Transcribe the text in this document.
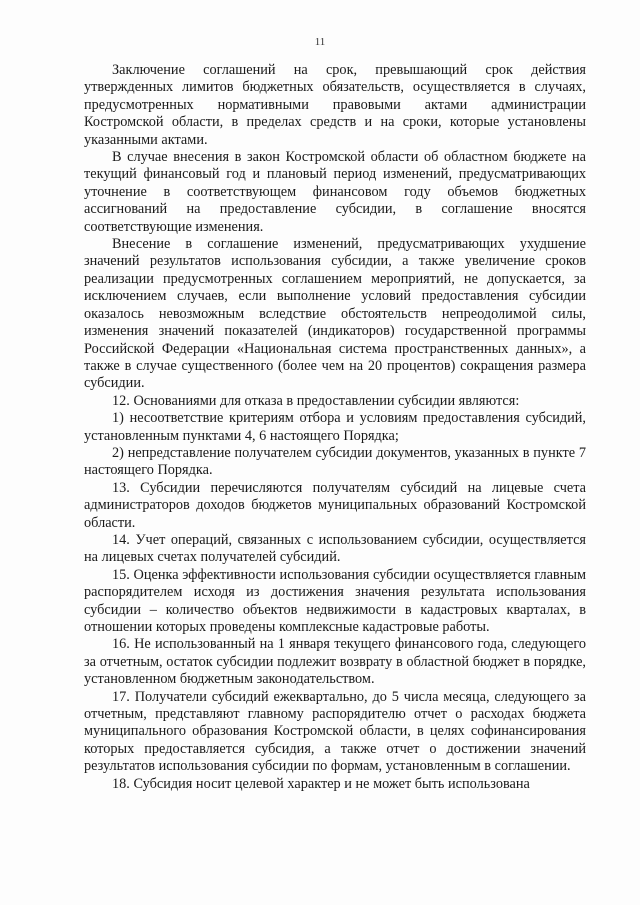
11

Заключение соглашений на срок, превышающий срок действия утвержденных лимитов бюджетных обязательств, осуществляется в случаях, предусмотренных нормативными правовыми актами администрации Костромской области, в пределах средств и на сроки, которые установлены указанными актами.

В случае внесения в закон Костромской области об областном бюджете на текущий финансовый год и плановый период изменений, предусматривающих уточнение в соответствующем финансовом году объемов бюджетных ассигнований на предоставление субсидии, в соглашение вносятся соответствующие изменения.

Внесение в соглашение изменений, предусматривающих ухудшение значений результатов использования субсидии, а также увеличение сроков реализации предусмотренных соглашением мероприятий, не допускается, за исключением случаев, если выполнение условий предоставления субсидии оказалось невозможным вследствие обстоятельств непреодолимой силы, изменения значений показателей (индикаторов) государственной программы Российской Федерации «Национальная система пространственных данных», а также в случае существенного (более чем на 20 процентов) сокращения размера субсидии.

12. Основаниями для отказа в предоставлении субсидии являются:

1) несоответствие критериям отбора и условиям предоставления субсидий, установленным пунктами 4, 6 настоящего Порядка;

2) непредставление получателем субсидии документов, указанных в пункте 7 настоящего Порядка.

13. Субсидии перечисляются получателям субсидий на лицевые счета администраторов доходов бюджетов муниципальных образований Костромской области.

14. Учет операций, связанных с использованием субсидии, осуществляется на лицевых счетах получателей субсидий.

15. Оценка эффективности использования субсидии осуществляется главным распорядителем исходя из достижения значения результата использования субсидии – количество объектов недвижимости в кадастровых кварталах, в отношении которых проведены комплексные кадастровые работы.

16. Не использованный на 1 января текущего финансового года, следующего за отчетным, остаток субсидии подлежит возврату в областной бюджет в порядке, установленном бюджетным законодательством.

17. Получатели субсидий ежеквартально, до 5 числа месяца, следующего за отчетным, представляют главному распорядителю отчет о расходах бюджета муниципального образования Костромской области, в целях софинансирования которых предоставляется субсидия, а также отчет о достижении значений результатов использования субсидии по формам, установленным в соглашении.

18. Субсидия носит целевой характер и не может быть использована
